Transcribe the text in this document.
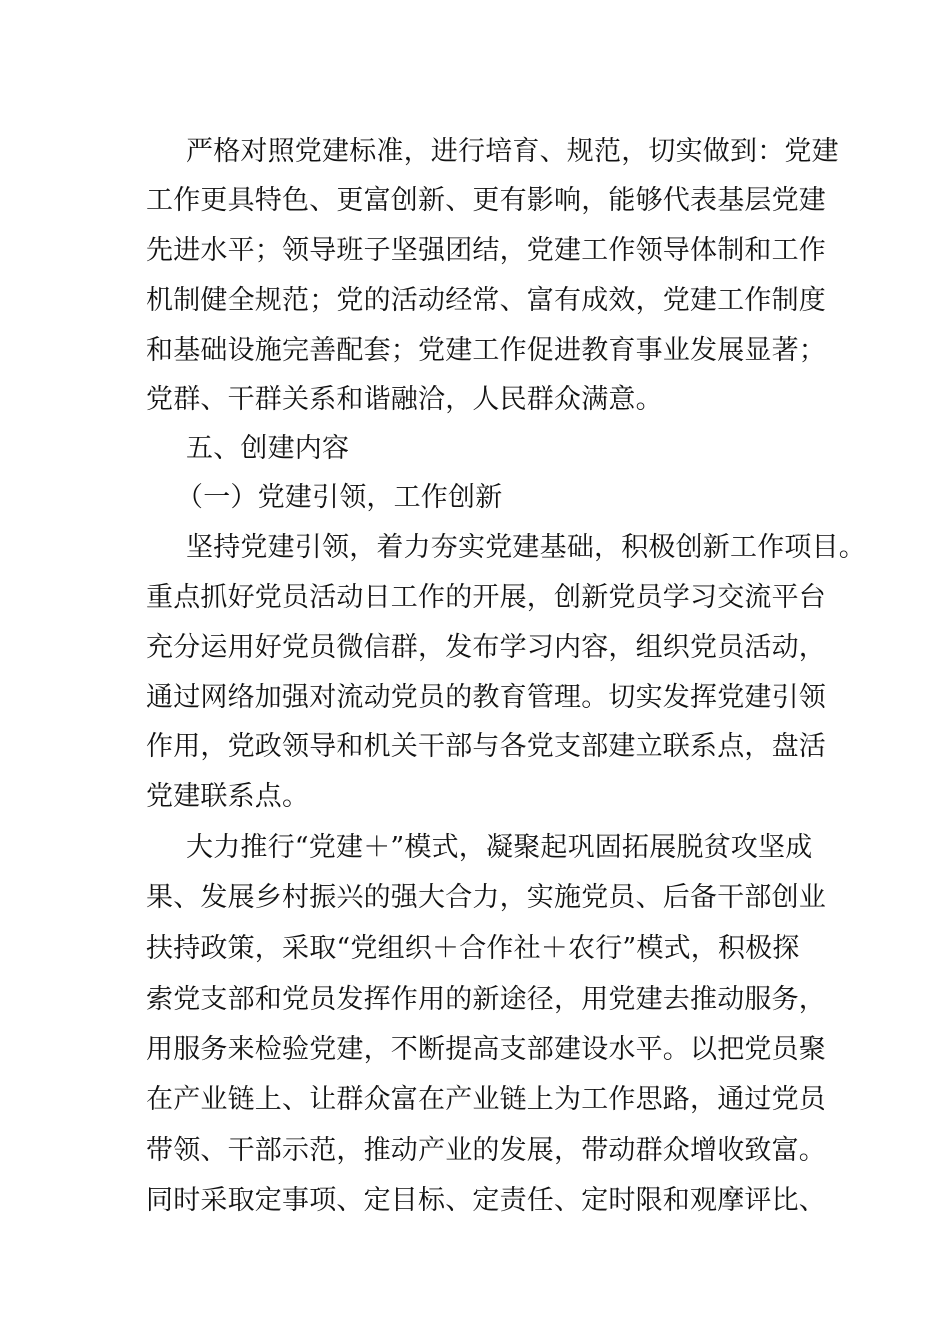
严格对照党建标准，进行培育、规范，切实做到：党建
工作更具特色、更富创新、更有影响，能够代表基层党建
先进水平；领导班子坚强团结，党建工作领导体制和工作
机制健全规范；党的活动经常、富有成效，党建工作制度
和基础设施完善配套；党建工作促进教育事业发展显著；
党群、干群关系和谐融洽，人民群众满意。
五、创建内容
（一）党建引领，工作创新
坚持党建引领，着力夯实党建基础，积极创新工作项目。
重点抓好党员活动日工作的开展，创新党员学习交流平台
充分运用好党员微信群，发布学习内容，组织党员活动，
通过网络加强对流动党员的教育管理。切实发挥党建引领
作用，党政领导和机关干部与各党支部建立联系点，盘活
党建联系点。
大力推行“党建＋”模式，凝聚起巩固拓展脱贫攻坚成
果、发展乡村振兴的强大合力，实施党员、后备干部创业
扶持政策，采取“党组织＋合作社＋农行”模式，积极探
索党支部和党员发挥作用的新途径，用党建去推动服务，
用服务来检验党建，不断提高支部建设水平。以把党员聚
在产业链上、让群众富在产业链上为工作思路，通过党员
带领、干部示范，推动产业的发展，带动群众增收致富。
同时采取定事项、定目标、定责任、定时限和观摩评比、
